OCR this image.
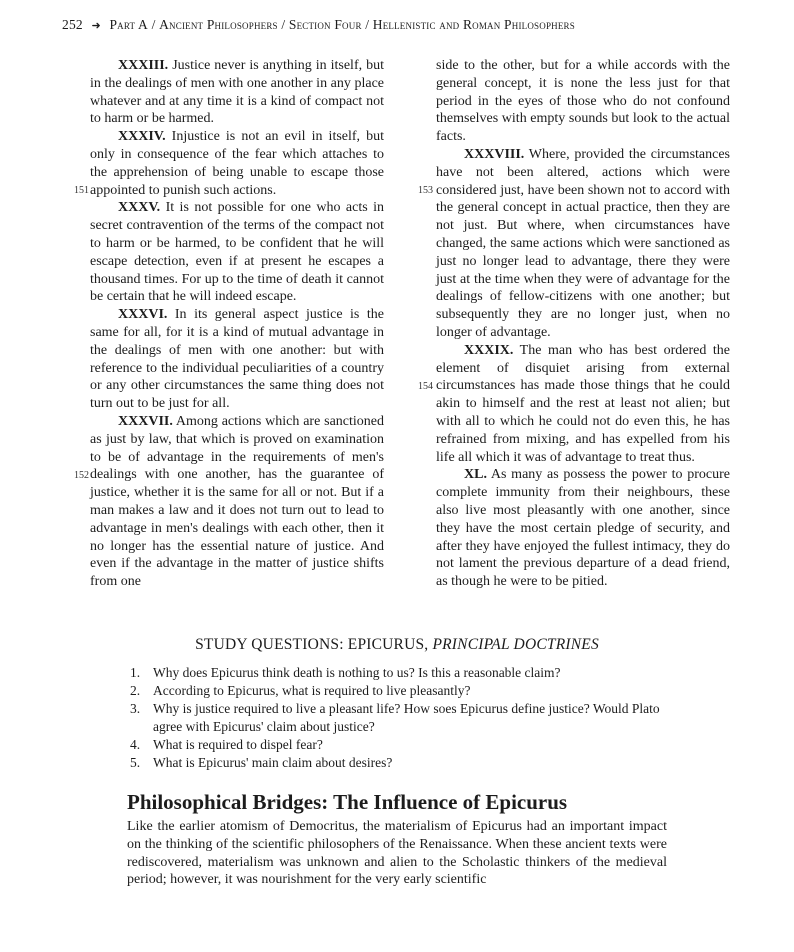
252 ➜ Part A / Ancient Philosophers / Section Four / Hellenistic and Roman Philosophers

XXXIII. Justice never is anything in itself, but in the dealings of men with one another in any place whatever and at any time it is a kind of compact not to harm or be harmed.

XXXIV. Injustice is not an evil in itself, but only in consequence of the fear which attaches to the apprehension of being unable to escape those appointed to punish such actions.

XXXV. It is not possible for one who acts in secret contravention of the terms of the compact not to harm or be harmed, to be confident that he will escape detection, even if at present he escapes a thousand times. For up to the time of death it cannot be certain that he will indeed escape.

XXXVI. In its general aspect justice is the same for all, for it is a kind of mutual advantage in the dealings of men with one another: but with reference to the individual peculiarities of a country or any other circumstances the same thing does not turn out to be just for all.

XXXVII. Among actions which are sanctioned as just by law, that which is proved on examination to be of advantage in the requirements of men's dealings with one another, has the guarantee of justice, whether it is the same for all or not. But if a man makes a law and it does not turn out to lead to advantage in men's dealings with each other, then it no longer has the essential nature of justice. And even if the advantage in the matter of justice shifts from one

side to the other, but for a while accords with the general concept, it is none the less just for that period in the eyes of those who do not confound themselves with empty sounds but look to the actual facts.

XXXVIII. Where, provided the circumstances have not been altered, actions which were considered just, have been shown not to accord with the general concept in actual practice, then they are not just. But where, when circumstances have changed, the same actions which were sanctioned as just no longer lead to advantage, there they were just at the time when they were of advantage for the dealings of fellow-citizens with one another; but subsequently they are no longer just, when no longer of advantage.

XXXIX. The man who has best ordered the element of disquiet arising from external circumstances has made those things that he could akin to himself and the rest at least not alien; but with all to which he could not do even this, he has refrained from mixing, and has expelled from his life all which it was of advantage to treat thus.

XL. As many as possess the power to procure complete immunity from their neighbours, these also live most pleasantly with one another, since they have the most certain pledge of security, and after they have enjoyed the fullest intimacy, they do not lament the previous departure of a dead friend, as though he were to be pitied.

151
152
153
154
STUDY QUESTIONS: EPICURUS, PRINCIPAL DOCTRINES
1. Why does Epicurus think death is nothing to us? Is this a reasonable claim?
2. According to Epicurus, what is required to live pleasantly?
3. Why is justice required to live a pleasant life? How soes Epicurus define justice? Would Plato agree with Epicurus' claim about justice?
4. What is required to dispel fear?
5. What is Epicurus' main claim about desires?
Philosophical Bridges: The Influence of Epicurus

Like the earlier atomism of Democritus, the materialism of Epicurus had an important impact on the thinking of the scientific philosophers of the Renaissance. When these ancient texts were rediscovered, materialism was unknown and alien to the Scholastic thinkers of the medieval period; however, it was nourishment for the very early scientific
